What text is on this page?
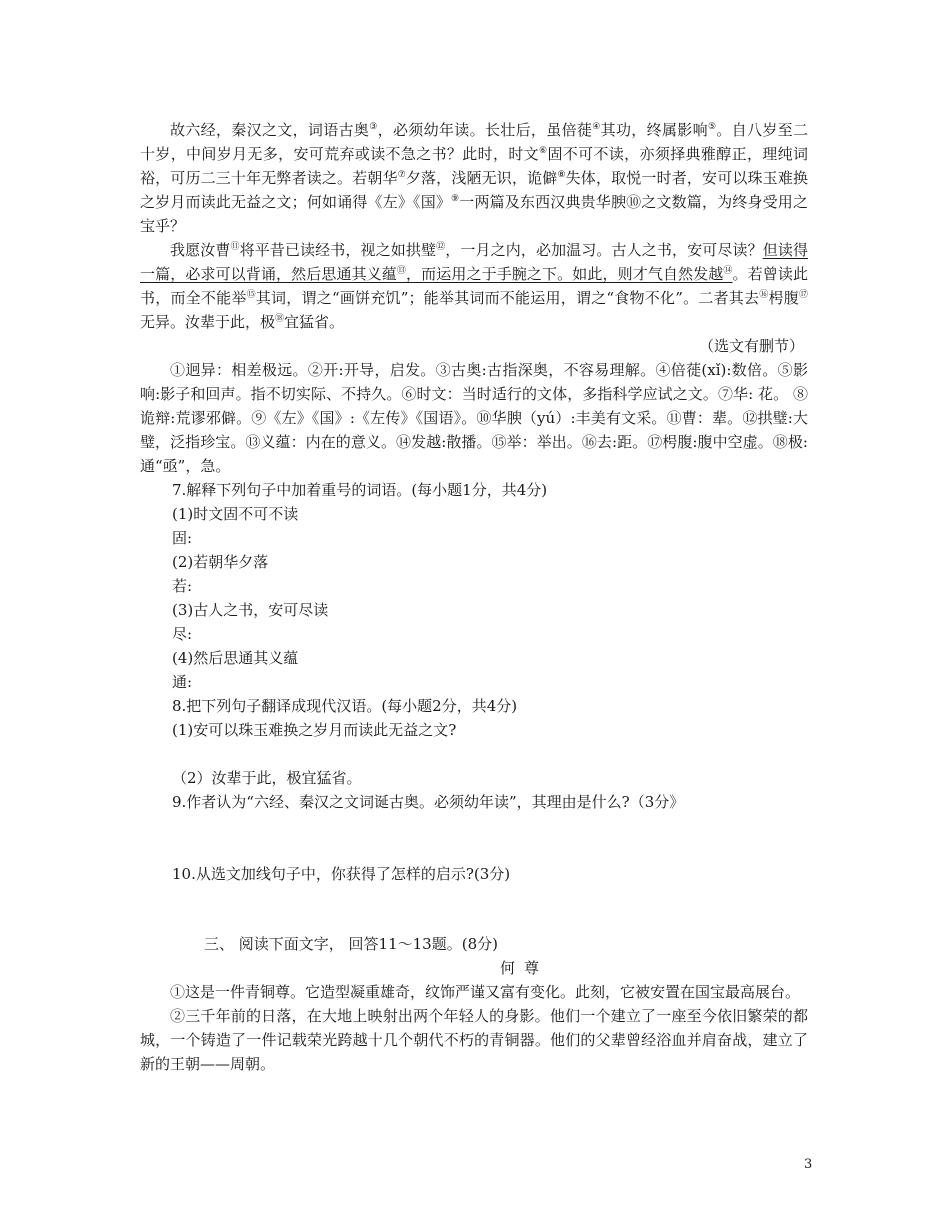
故六经，秦汉之文，词语古奥③，必须幼年读。长壮后，虽倍蓰④其功，终属影响⑤。自八岁至二十岁，中间岁月无多，安可荒弃或读不急之书？此时，时文⑥固不可不读，亦须择典雅醇正，理纯词裕，可历二三十年无弊者读之。若朝华⑦夕落，浅陋无识，诡僻⑧失体，取悦一时者，安可以珠玉难换之岁月而读此无益之文；何如诵得《左》《国》⑨一两篇及东西汉典贵华腴⑩之文数篇，为终身受用之宝乎？

我愿汝曹⑪将平昔已读经书，视之如拱璧⑫，一月之内，必加温习。古人之书，安可尽读？但读得一篇，必求可以背诵，然后思通其义蕴⑬，而运用之于手腕之下。如此，则才气自然发越⑭。若曾读此书，而全不能举⑮其词，谓之“画饼充饥”；能举其词而不能运用，谓之“食物不化”。二者其去⑯枵腹⑰无异。汝辈于此，极⑱宜猛省。

（选文有删节）

①迥异：相差极远。②开:开导，启发。③古奥:古指深奥，不容易理解。④倍蓰(xǐ):数倍。⑤影响:影子和回声。指不切实际、不持久。⑥时文：当时适行的文体，多指科学应试之文。⑦华: 花。 ⑧诡辩:荒谬邪僻。⑨《左》《国》:《左传》《国语》。⑩华腴（yú）:丰美有文采。⑪曹：辈。⑫拱璧:大璧，泛指珍宝。⑬义蕴：内在的意义。⑭发越:散播。⑮举：举出。⑯去:距。⑰枵腹:腹中空虚。⑱极:通“亟”，急。

7.解释下列句子中加着重号的词语。(每小题1分，共4分)

(1)时文固不可不读

固:

(2)若朝华夕落

若:

(3)古人之书，安可尽读

尽:

(4)然后思通其义蕴

通:

8.把下列句子翻译成现代汉语。(每小题2分，共4分)

(1)安可以珠玉难换之岁月而读此无益之文?

（2）汝辈于此，极宜猛省。

9.作者认为“六经、秦汉之文词诞古奥。必须幼年读”，其理由是什么?（3分》

10.从选文加线句子中，你获得了怎样的启示?(3分)

三、 阅读下面文字， 回答11～13题。(8分)

何尊

①这是一件青铜尊。它造型凝重雄奇，纹饰严谨又富有变化。此刻，它被安置在国宝最高展台。

②三千年前的日落，在大地上映射出两个年轻人的身影。他们一个建立了一座至今依旧繁荣的都城，一个铸造了一件记载荣光跨越十几个朝代不朽的青铜器。他们的父辈曾经浴血并肩奋战，建立了新的王朝——周朝。

3
